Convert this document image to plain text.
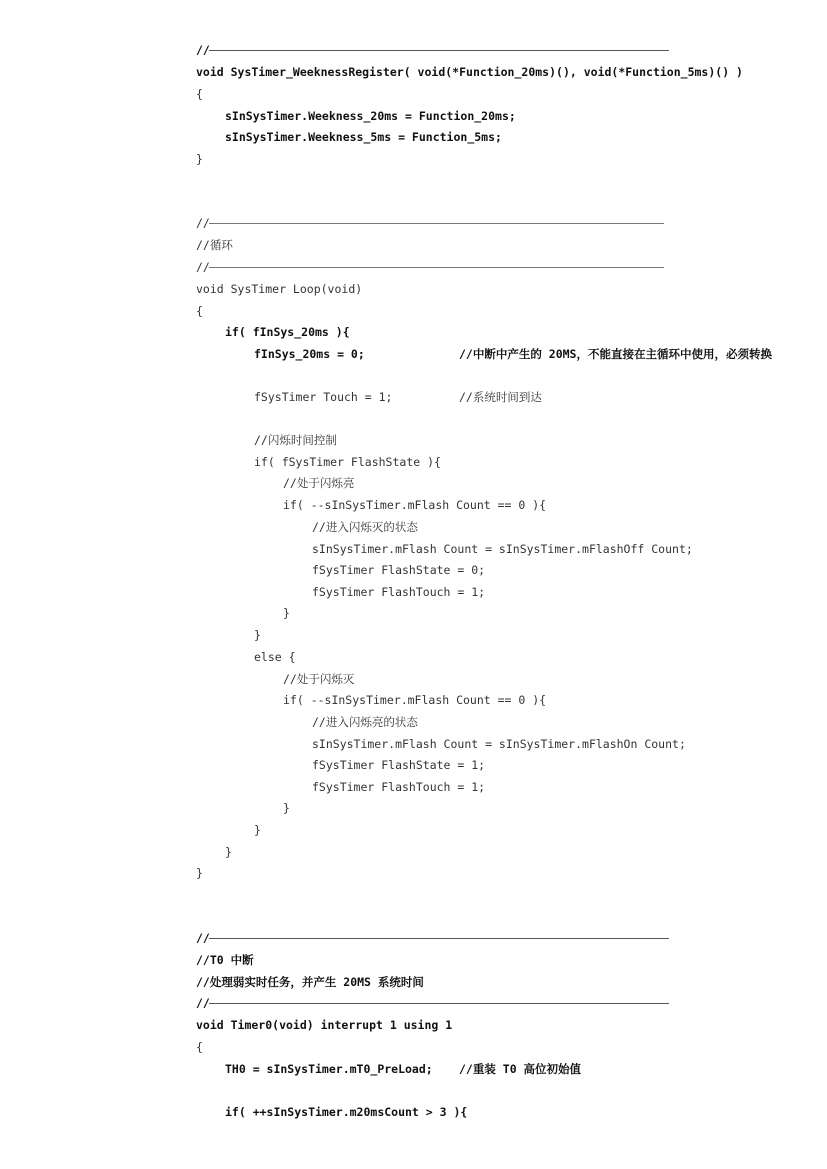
//
void SysTimer_WeeknessRegister( void(*Function_20ms)(), void(*Function_5ms)() )
{
sInSysTimer.Weekness_20ms = Function_20ms;
sInSysTimer.Weekness_5ms = Function_5ms;
}
//
//循环
//
void SysTimer Loop(void)
{
if( fInSys_20ms ){
fInSys_20ms = 0;	//中断中产生的 20MS，不能直接在主循环中使用，必须转换
fSysTimer Touch = 1;	//系统时间到达
//闪烁时间控制
if( fSysTimer FlashState ){
//处于闪烁亮
if( --sInSysTimer.mFlash Count == 0 ){
//进入闪烁灭的状态
sInSysTimer.mFlash Count = sInSysTimer.mFlashOff Count;
fSysTimer FlashState = 0;
fSysTimer FlashTouch = 1;
}
}
else {
//处于闪烁灭
if( --sInSysTimer.mFlash Count == 0 ){
//进入闪烁亮的状态
sInSysTimer.mFlash Count = sInSysTimer.mFlashOn Count;
fSysTimer FlashState = 1;
fSysTimer FlashTouch = 1;
}
}
}
}
//
//T0 中断
//处理弱实时任务，并产生 20MS 系统时间
//
void Timer0(void) interrupt 1 using 1
{
TH0 = sInSysTimer.mT0_PreLoad; //重装 T0 高位初始值
if( ++sInSysTimer.m20msCount > 3 ){
